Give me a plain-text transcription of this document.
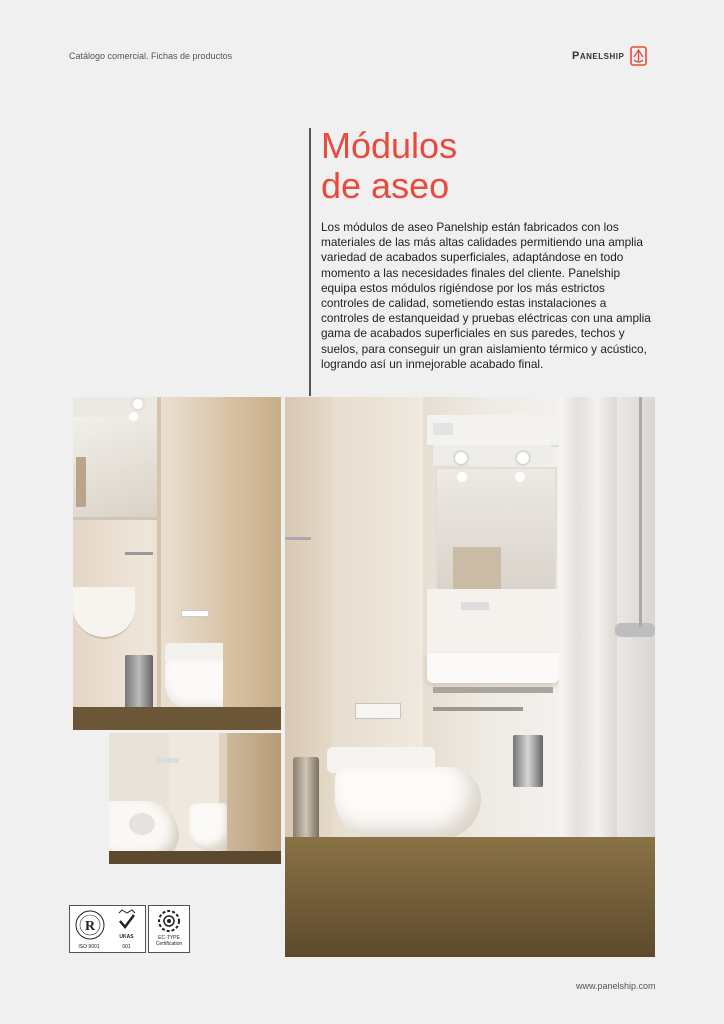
Catálogo comercial. Fichas de productos	Panelship
Módulos
de aseo

Los módulos de aseo Panelship están fabricados con los materiales de las más altas calidades permitiendo una amplia variedad de acabados superficiales, adaptándose en todo momento a las necesidades finales del cliente. Panelship equipa estos módulos rigiéndose por los más estrictos controles de calidad, sometiendo estas instalaciones a controles de estanqueidad y pruebas eléctricas con una amplia gama de acabados superficiales en sus paredes, techos y suelos, para conseguir un gran aislamiento térmico y acústico, logrando así un inmejorable acabado final.

R
ISO 9001
UKAS
001
EC-TYPE
Certification
www.panelship.com
